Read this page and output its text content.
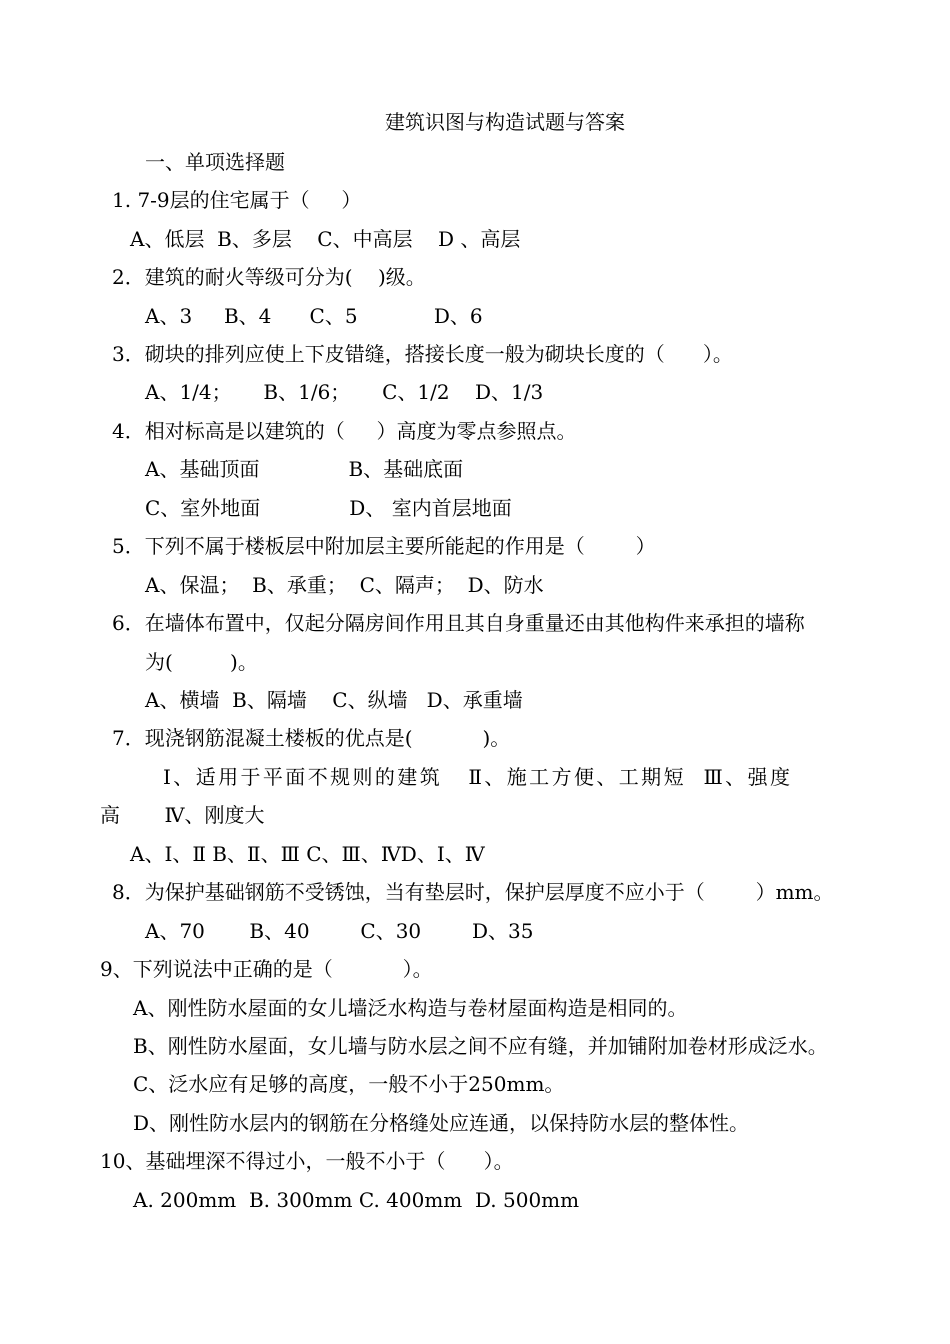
建筑识图与构造试题与答案
一、单项选择题
1. 7-9层的住宅属于（     ）
A、低层  B、多层    C、中高层    D 、高层
2．建筑的耐火等级可分为(    )级。
A、3     B、4      C、5            D、6
3．砌块的排列应使上下皮错缝，搭接长度一般为砌块长度的（      ）。
A、1/4；     B、1/6；     C、1/2    D、1/3
4．相对标高是以建筑的（     ）高度为零点参照点。
A、基础顶面              B、基础底面
C、室外地面              D、 室内首层地面
5．下列不属于楼板层中附加层主要所能起的作用是（        ）
A、保温；  B、承重；  C、隔声；  D、防水
6．在墙体布置中，仅起分隔房间作用且其自身重量还由其他构件来承担的墙称
为(         )。
A、横墙  B、隔墙    C、纵墙   D、承重墙
7．现浇钢筋混凝土楼板的优点是(           )。
Ⅰ、适用于平面不规则的建筑   Ⅱ、施工方便、工期短  Ⅲ、强度
高       Ⅳ、刚度大
A、Ⅰ、Ⅱ B、Ⅱ、Ⅲ C、Ⅲ、ⅣD、Ⅰ、Ⅳ
8．为保护基础钢筋不受锈蚀，当有垫层时，保护层厚度不应小于（        ）mm。
A、70       B、40        C、30        D、35
9、下列说法中正确的是（           ）。
A、刚性防水屋面的女儿墙泛水构造与卷材屋面构造是相同的。
B、刚性防水屋面，女儿墙与防水层之间不应有缝，并加铺附加卷材形成泛水。
C、泛水应有足够的高度，一般不小于250mm。
D、刚性防水层内的钢筋在分格缝处应连通，以保持防水层的整体性。
10、基础埋深不得过小，一般不小于（      ）。
A. 200mm  B. 300mm C. 400mm  D. 500mm
